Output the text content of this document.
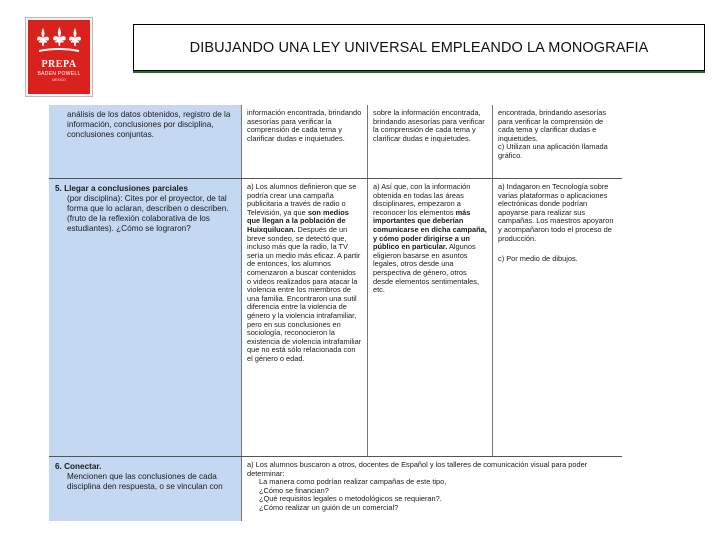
PREPA
BADEN POWELL
MEXICO
DIBUJANDO UNA LEY UNIVERSAL EMPLEANDO LA MONOGRAFIA
análisis de los datos obtenidos, registro de la información, conclusiones por disciplina, conclusiones conjuntas.
información encontrada, brindando asesorías para verificar la comprensión de cada tema y clarificar dudas e inquietudes.
sobre la información encontrada, brindando asesorías para verificar la comprensión de cada tema y clarificar dudas e inquietudes.
encontrada, brindando asesorías para verificar la comprensión de cada tema y clarificar dudas e inquietudes.
c) Utilizan una aplicación llamada gráfico.
5. Llegar a conclusiones parciales
(por disciplina): Cites por el proyector, de tal forma que lo aclaran, describen o describen. (fruto de la reflexión colaborativa de los estudiantes). ¿Cómo se lograron?
a) Los alumnos definieron que se podría crear una campaña publicitaria a través de radio o Televisión, ya que son medios que llegan a la población de Huixquilucan. Después de un breve sondeo, se detectó que, incluso más que la radio, la TV sería un medio más eficaz. A partir de entonces, los alumnos comenzaron a buscar contenidos o videos realizados para atacar la violencia entre los miembros de una familia. Encontraron una sutil diferencia entre la violencia de género y la violencia intrafamiliar, pero en sus conclusiones en sociología, reconocieron la existencia de violencia intrafamiliar que no está sólo relacionada con el género o edad.
a) Así que, con la información obtenida en todas las áreas disciplinares, empezaron a reconocer los elementos más importantes que deberían comunicarse en dicha campaña, y cómo poder dirigirse a un público en particular. Algunos eligieron basarse en asuntos legales, otros desde una perspectiva de género, otros desde elementos sentimentales, etc.
a) Indagaron en Tecnología sobre varias plataformas o aplicaciones electrónicas donde podrían apoyarse para realizar sus campañas. Los maestros apoyaron y acompañaron todo el proceso de producción.
c) Por medio de dibujos.
6. Conectar.
Mencionen que las conclusiones de cada disciplina den respuesta, o se vinculan con
a) Los alumnos buscaron a otros, docentes de Español y los talleres de comunicación visual para poder determinar:
La manera como podrían realizar campañas de este tipo,
¿Cómo se financian?
¿Qué requisitos legales o metodológicos se requieran?.
¿Cómo realizar un guión de un comercial?
